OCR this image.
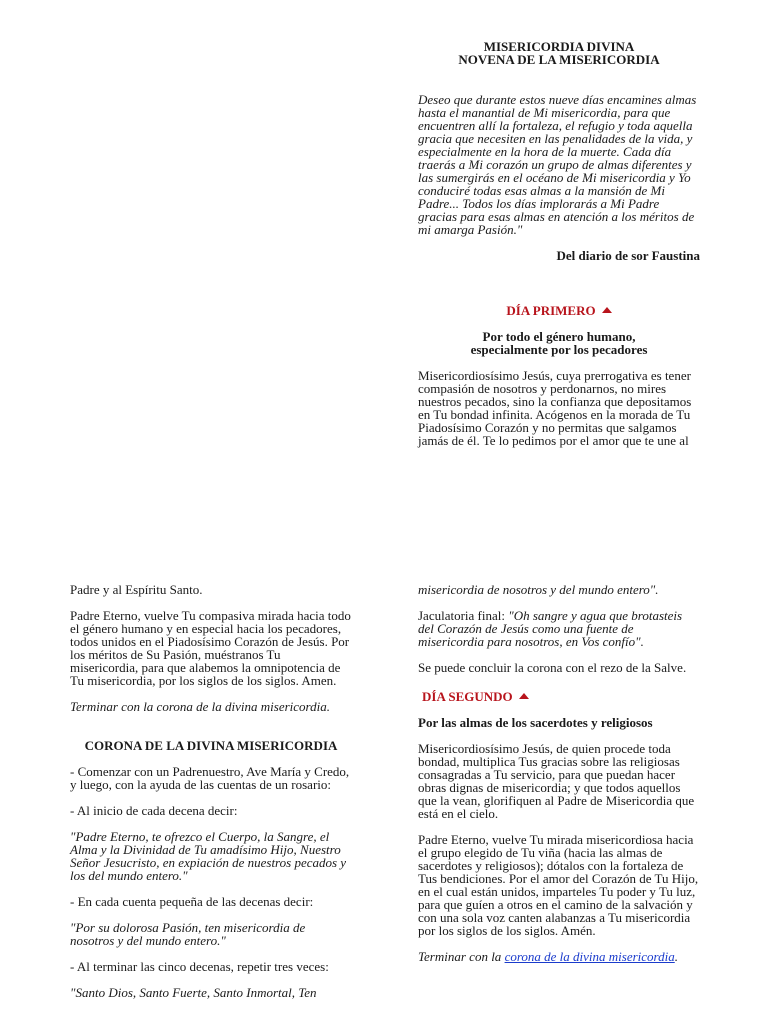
MISERICORDIA DIVINA

NOVENA DE LA MISERICORDIA

Deseo que durante estos nueve días encamines almas hasta el manantial de Mi misericordia, para que encuentren allí la fortaleza, el refugio y toda aquella gracia que necesiten en las penalidades de la vida, y especialmente en la hora de la muerte. Cada día traerás a Mi corazón un grupo de almas diferentes y las sumergirás en el océano de Mi misericordia y Yo conduciré todas esas almas a la mansión de Mi Padre... Todos los días implorarás a Mi Padre gracias para esas almas en atención a los méritos de mi amarga Pasión."

Del diario de sor Faustina

DÍA PRIMERO

Por todo el género humano,

especialmente por los pecadores

Misericordiosísimo Jesús, cuya prerrogativa es tener compasión de nosotros y perdonarnos, no mires nuestros pecados, sino la confianza que depositamos en Tu bondad infinita. Acógenos en la morada de Tu Piadosísimo Corazón y no permitas que salgamos jamás de él. Te lo pedimos por el amor que te une al

Padre y al Espíritu Santo.

Padre Eterno, vuelve Tu compasiva mirada hacia todo el género humano y en especial hacia los pecadores, todos unidos en el Piadosísimo Corazón de Jesús. Por los méritos de Su Pasión, muéstranos Tu misericordia, para que alabemos la omnipotencia de Tu misericordia, por los siglos de los siglos. Amen.

Terminar con la corona de la divina misericordia.

CORONA DE LA DIVINA MISERICORDIA

- Comenzar con un Padrenuestro, Ave María y Credo, y luego, con la ayuda de las cuentas de un rosario:

- Al inicio de cada decena decir:

"Padre Eterno, te ofrezco el Cuerpo, la Sangre, el Alma y la Divinidad de Tu amadísimo Hijo, Nuestro Señor Jesucristo, en expiación de nuestros pecados y los del mundo entero."

- En cada cuenta pequeña de las decenas decir:

"Por su dolorosa Pasión, ten misericordia de nosotros y del mundo entero."

- Al terminar las cinco decenas, repetir tres veces:

"Santo Dios, Santo Fuerte, Santo Inmortal, Ten

misericordia de nosotros y del mundo entero".

Jaculatoria final: "Oh sangre y agua que brotasteis del Corazón de Jesús como una fuente de misericordia para nosotros, en Vos confío".

Se puede concluir la corona con el rezo de la Salve.

DÍA SEGUNDO

Por las almas de los sacerdotes y religiosos

Misericordiosísimo Jesús, de quien procede toda bondad, multiplica Tus gracias sobre las religiosas consagradas a Tu servicio, para que puedan hacer obras dignas de misericordia; y que todos aquellos que la vean, glorifiquen al Padre de Misericordia que está en el cielo.

Padre Eterno, vuelve Tu mirada misericordiosa hacia el grupo elegido de Tu viña (hacia las almas de sacerdotes y religiosos); dótalos con la fortaleza de Tus bendiciones. Por el amor del Corazón de Tu Hijo, en el cual están unidos, imparteles Tu poder y Tu luz, para que guíen a otros en el camino de la salvación y con una sola voz canten alabanzas a Tu misericordia por los siglos de los siglos. Amén.

Terminar con la corona de la divina misericordia.
